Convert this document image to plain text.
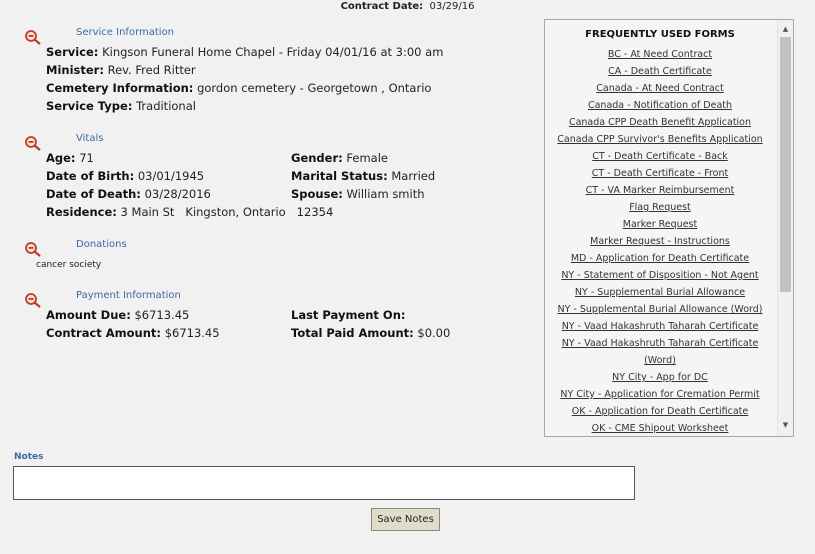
Contract Date: 03/29/16
Service Information
Service: Kingson Funeral Home Chapel - Friday 04/01/16 at 3:00 am
Minister: Rev. Fred Ritter
Cemetery Information: gordon cemetery - Georgetown , Ontario
Service Type: Traditional
Vitals
Age: 71
Date of Birth: 03/01/1945
Date of Death: 03/28/2016
Residence: 3 Main St   Kingston, Ontario   12354
Gender: Female
Marital Status: Married
Spouse: William smith
Donations
cancer society
Payment Information
Amount Due: $6713.45
Contract Amount: $6713.45
Last Payment On:
Total Paid Amount: $0.00
FREQUENTLY USED FORMS
BC - At Need Contract
CA - Death Certificate
Canada - At Need Contract
Canada - Notification of Death
Canada CPP Death Benefit Application
Canada CPP Survivor's Benefits Application
CT - Death Certificate - Back
CT - Death Certificate - Front
CT - VA Marker Reimbursement
Flag Request
Marker Request
Marker Request - Instructions
MD - Application for Death Certificate
NY - Statement of Disposition - Not Agent
NY - Supplemental Burial Allowance
NY - Supplemental Burial Allowance (Word)
NY - Vaad Hakashruth Taharah Certificate
NY - Vaad Hakashruth Taharah Certificate
(Word)
NY City - App for DC
NY City - Application for Cremation Permit
OK - Application for Death Certificate
OK - CME Shipout Worksheet
▲
▼
Notes
Save Notes
